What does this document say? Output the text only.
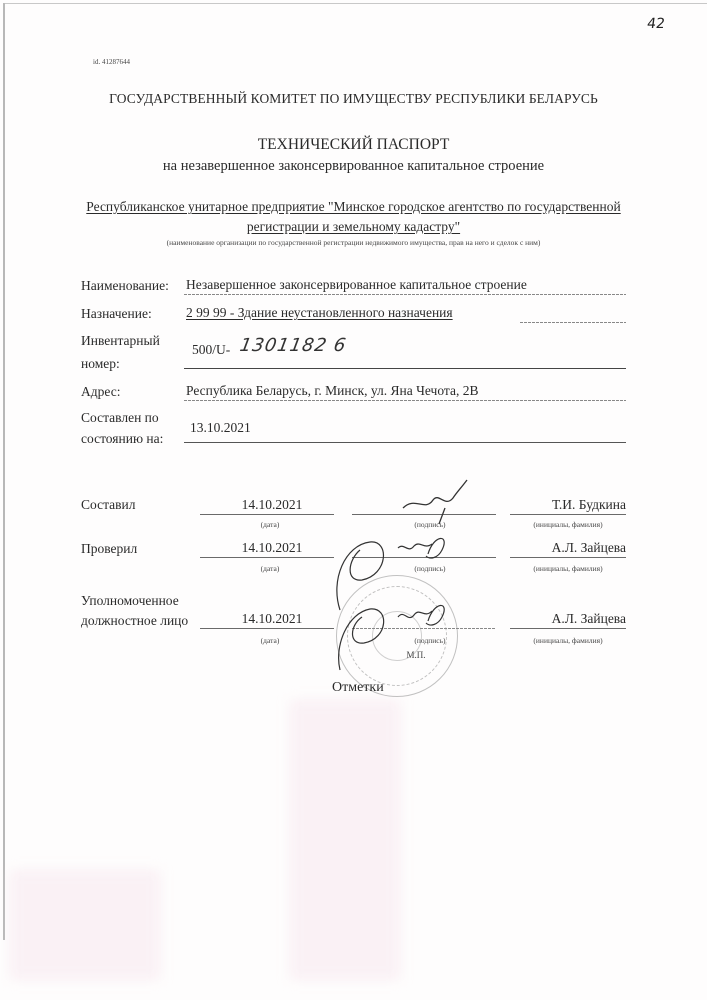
42
id. 41287644
ГОСУДАРСТВЕННЫЙ КОМИТЕТ ПО ИМУЩЕСТВУ РЕСПУБЛИКИ БЕЛАРУСЬ
ТЕХНИЧЕСКИЙ ПАСПОРТ
на незавершенное законсервированное капитальное строение
Республиканское унитарное предприятие "Минское городское агентство по государственной
регистрации и земельному кадастру"
(наименование организации по государственной регистрации недвижимого имущества, прав на него и сделок с ним)
Наименование: Незавершенное законсервированное капитальное строение
Назначение:	2 99 99 - Здание неустановленного назначения
Инвентарный
номер:
500/U- 1301182 6
Адрес:	Республика Беларусь, г. Минск, ул. Яна Чечота, 2В
Составлен по
состоянию на:
13.10.2021
Составил	14.10.2021	Т.И. Будкина
(дата)	(подпись)	(инициалы, фамилия)
Проверил	14.10.2021	А.Л. Зайцева
(дата)	(подпись)	(инициалы, фамилия)
Уполномоченное
должностное лицо	14.10.2021	А.Л. Зайцева
(дата)	(подпись)	(инициалы, фамилия)
М.П.
Отметки
